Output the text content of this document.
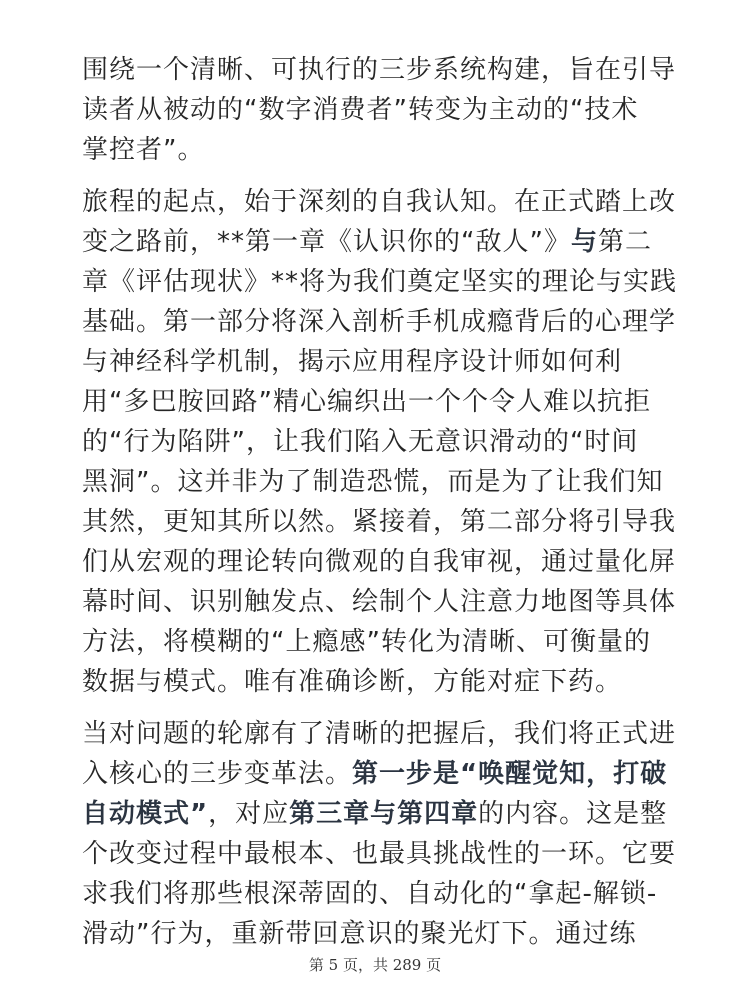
围绕一个清晰、可执行的三步系统构建，旨在引导
读者从被动的“数字消费者”转变为主动的“技术
掌控者”。

旅程的起点，始于深刻的自我认知。在正式踏上改
变之路前，**第一章《认识你的“敌人”》与第二
章《评估现状》**将为我们奠定坚实的理论与实践
基础。第一部分将深入剖析手机成瘾背后的心理学
与神经科学机制，揭示应用程序设计师如何利
用“多巴胺回路”精心编织出一个个令人难以抗拒
的“行为陷阱”，让我们陷入无意识滑动的“时间
黑洞”。这并非为了制造恐慌，而是为了让我们知
其然，更知其所以然。紧接着，第二部分将引导我
们从宏观的理论转向微观的自我审视，通过量化屏
幕时间、识别触发点、绘制个人注意力地图等具体
方法，将模糊的“上瘾感”转化为清晰、可衡量的
数据与模式。唯有准确诊断，方能对症下药。

当对问题的轮廓有了清晰的把握后，我们将正式进
入核心的三步变革法。第一步是“唤醒觉知，打破
自动模式”，对应第三章与第四章的内容。这是整
个改变过程中最根本、也最具挑战性的一环。它要
求我们将那些根深蒂固的、自动化的“拿起-解锁-
滑动”行为，重新带回意识的聚光灯下。通过练

第 5 页，共 289 页
